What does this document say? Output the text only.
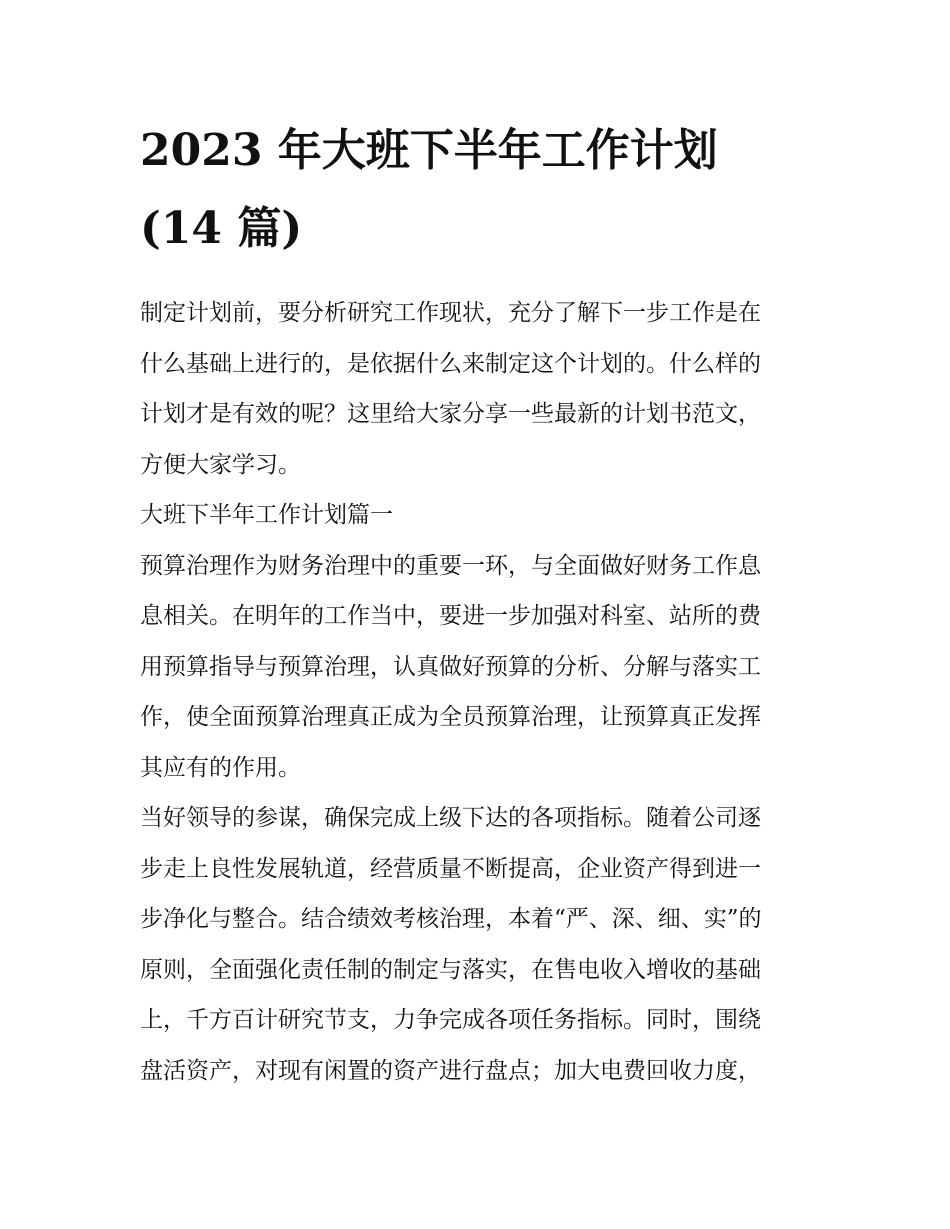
2023 年大班下半年工作计划
(14 篇)

制定计划前，要分析研究工作现状，充分了解下一步工作是在
什么基础上进行的，是依据什么来制定这个计划的。什么样的
计划才是有效的呢？这里给大家分享一些最新的计划书范文，
方便大家学习。

大班下半年工作计划篇一

预算治理作为财务治理中的重要一环，与全面做好财务工作息
息相关。在明年的工作当中，要进一步加强对科室、站所的费
用预算指导与预算治理，认真做好预算的分析、分解与落实工
作，使全面预算治理真正成为全员预算治理，让预算真正发挥
其应有的作用。

当好领导的参谋，确保完成上级下达的各项指标。随着公司逐
步走上良性发展轨道，经营质量不断提高，企业资产得到进一
步净化与整合。结合绩效考核治理，本着“严、深、细、实”的
原则，全面强化责任制的制定与落实，在售电收入增收的基础
上，千方百计研究节支，力争完成各项任务指标。同时，围绕
盘活资产，对现有闲置的资产进行盘点；加大电费回收力度，
